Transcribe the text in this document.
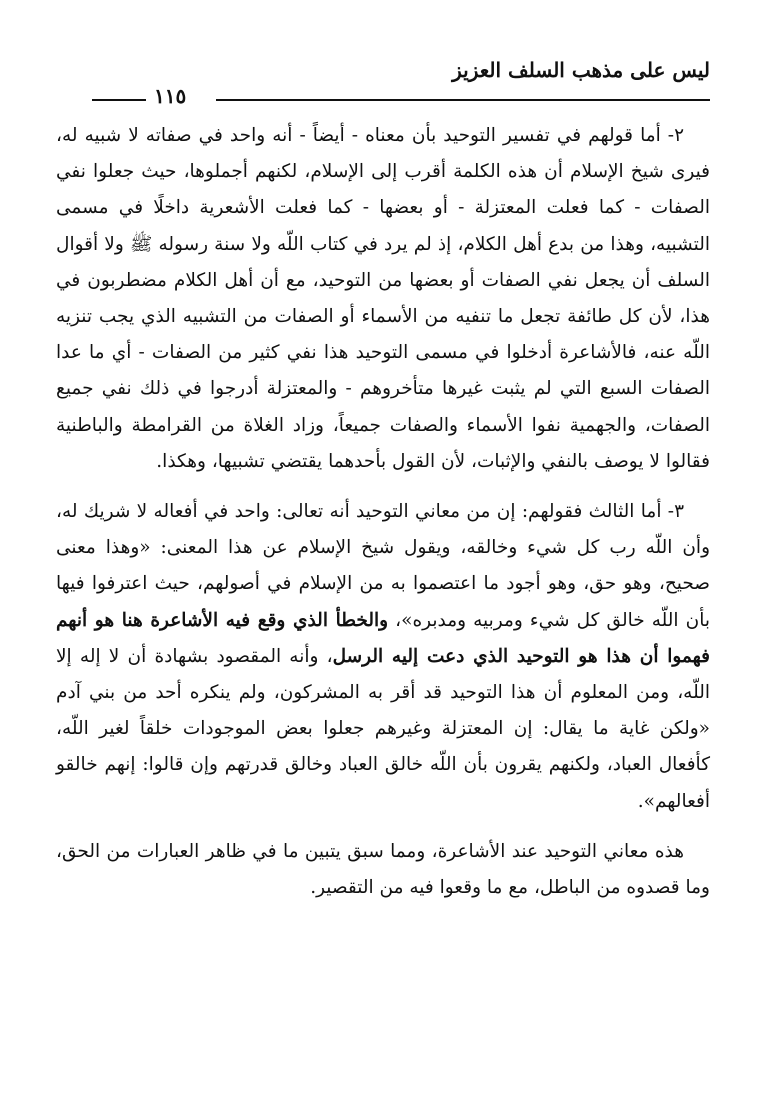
ليس على مذهب السلف العزيز
١١٥

٢- أما قولهم في تفسير التوحيد بأن معناه - أيضاً - أنه واحد في صفاته لا شبيه له، فيرى شيخ الإسلام أن هذه الكلمة أقرب إلى الإسلام، لكنهم أجملوها، حيث جعلوا نفي الصفات - كما فعلت المعتزلة - أو بعضها - كما فعلت الأشعرية داخلًا في مسمى التشبيه، وهذا من بدع أهل الكلام، إذ لم يرد في كتاب اللّه ولا سنة رسوله ﷺ ولا أقوال السلف أن يجعل نفي الصفات أو بعضها من التوحيد، مع أن أهل الكلام مضطربون في هذا، لأن كل طائفة تجعل ما تنفيه من الأسماء أو الصفات من التشبيه الذي يجب تنزيه اللّه عنه، فالأشاعرة أدخلوا في مسمى التوحيد هذا نفي كثير من الصفات - أي ما عدا الصفات السبع التي لم يثبت غيرها متأخروهم - والمعتزلة أدرجوا في ذلك نفي جميع الصفات، والجهمية نفوا الأسماء والصفات جميعاً، وزاد الغلاة من القرامطة والباطنية فقالوا لا يوصف بالنفي والإثبات، لأن القول بأحدهما يقتضي تشبيها، وهكذا.

٣- أما الثالث فقولهم: إن من معاني التوحيد أنه تعالى: واحد في أفعاله لا شريك له، وأن اللّه رب كل شيء وخالقه، ويقول شيخ الإسلام عن هذا المعنى: «وهذا معنى صحيح، وهو حق، وهو أجود ما اعتصموا به من الإسلام في أصولهم، حيث اعترفوا فيها بأن اللّه خالق كل شيء ومربيه ومدبره»، والخطأ الذي وقع فيه الأشاعرة هنا هو أنهم فهموا أن هذا هو التوحيد الذي دعت إليه الرسل، وأنه المقصود بشهادة أن لا إله إلا اللّه، ومن المعلوم أن هذا التوحيد قد أقر به المشركون، ولم ينكره أحد من بني آدم «ولكن غاية ما يقال: إن المعتزلة وغيرهم جعلوا بعض الموجودات خلقاً لغير اللّه، كأفعال العباد، ولكنهم يقرون بأن اللّه خالق العباد وخالق قدرتهم وإن قالوا: إنهم خالقو أفعالهم».

هذه معاني التوحيد عند الأشاعرة، ومما سبق يتبين ما في ظاهر العبارات من الحق، وما قصدوه من الباطل، مع ما وقعوا فيه من التقصير.
